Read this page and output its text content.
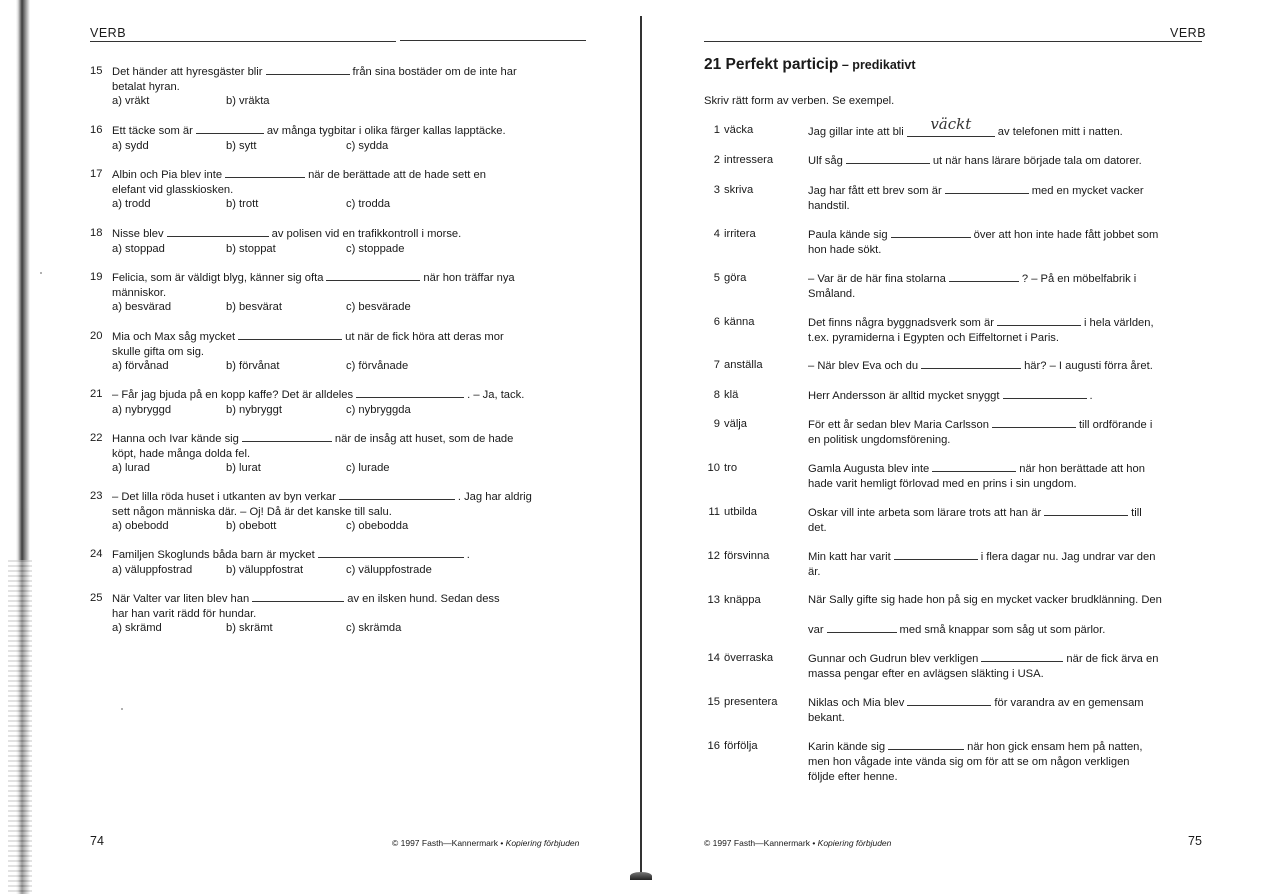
VERB
15 Det händer att hyresgäster blir	från sina bostäder om de inte har
betalat hyran.
a) vräkt	b) vräkta
16 Ett täcke som är	av många tygbitar i olika färger kallas lapptäcke.
a) sydd	b) sytt	c) sydda
17 Albin och Pia blev inte	när de berättade att de hade sett en
elefant vid glasskiosken.
a) trodd	b) trott	c) trodda
18 Nisse blev	av polisen vid en trafikkontroll i morse.
a) stoppad	b) stoppat	c) stoppade
19 Felicia, som är väldigt blyg, känner sig ofta	när hon träffar nya
människor.
a) besvärad	b) besvärat	c) besvärade
20 Mia och Max såg mycket	ut när de fick höra att deras mor
skulle gifta om sig.
a) förvånad	b) förvånat	c) förvånade
21 – Får jag bjuda på en kopp kaffe? Det är alldeles	. – Ja, tack.
a) nybryggd	b) nybryggt	c) nybryggda
22 Hanna och Ivar kände sig	när de insåg att huset, som de hade
köpt, hade många dolda fel.
a) lurad	b) lurat	c) lurade
23 – Det lilla röda huset i utkanten av byn verkar	. Jag har aldrig
sett någon människa där. – Oj! Då är det kanske till salu.
a) obebodd	b) obebott	c) obebodda
24 Familjen Skoglunds båda barn är mycket	.
a) väluppfostrad	b) väluppfostrat	c) väluppfostrade
25 När Valter var liten blev han	av en ilsken hund. Sedan dess
har han varit rädd för hundar.
a) skrämd	b) skrämt	c) skrämda
74	© 1997 Fasth—Kannermark • Kopiering förbjuden
VERB
21 Perfekt particip – predikativt
Skriv rätt form av verben. Se exempel.
1 väcka	Jag gillar inte att bli väckt av telefonen mitt i natten.
2 intressera	Ulf såg	ut när hans lärare började tala om datorer.
3 skriva	Jag har fått ett brev som är	med en mycket vacker
handstil.
4 irritera	Paula kände sig	över att hon inte hade fått jobbet som
hon hade sökt.
5 göra	– Var är de här fina stolarna	? – På en möbelfabrik i
Småland.
6 känna	Det finns några byggnadsverk som är	i hela världen,
t.ex. pyramiderna i Egypten och Eiffeltornet i Paris.
7 anställa	– När blev Eva och du	här? – I augusti förra året.
8 klä	Herr Andersson är alltid mycket snyggt	.
9 välja	För ett år sedan blev Maria Carlsson	till ordförande i
en politisk ungdomsförening.
10 tro	Gamla Augusta blev inte	när hon berättade att hon
hade varit hemligt förlovad med en prins i sin ungdom.
11 utbilda	Oskar vill inte arbeta som lärare trots att han är	till
det.
12 försvinna	Min katt har varit	i flera dagar nu. Jag undrar var den
är.
13 knäppa	När Sally gifte sig hade hon på sig en mycket vacker brudklänning. Den
var	med små knappar som såg ut som pärlor.
14 överraska	Gunnar och Gudrun blev verkligen	när de fick ärva en
massa pengar efter en avlägsen släkting i USA.
15 presentera	Niklas och Mia blev	för varandra av en gemensam
bekant.
16 förfölja	Karin kände sig	när hon gick ensam hem på natten,
men hon vågade inte vända sig om för att se om någon verkligen
följde efter henne.
© 1997 Fasth—Kannermark • Kopiering förbjuden	75
